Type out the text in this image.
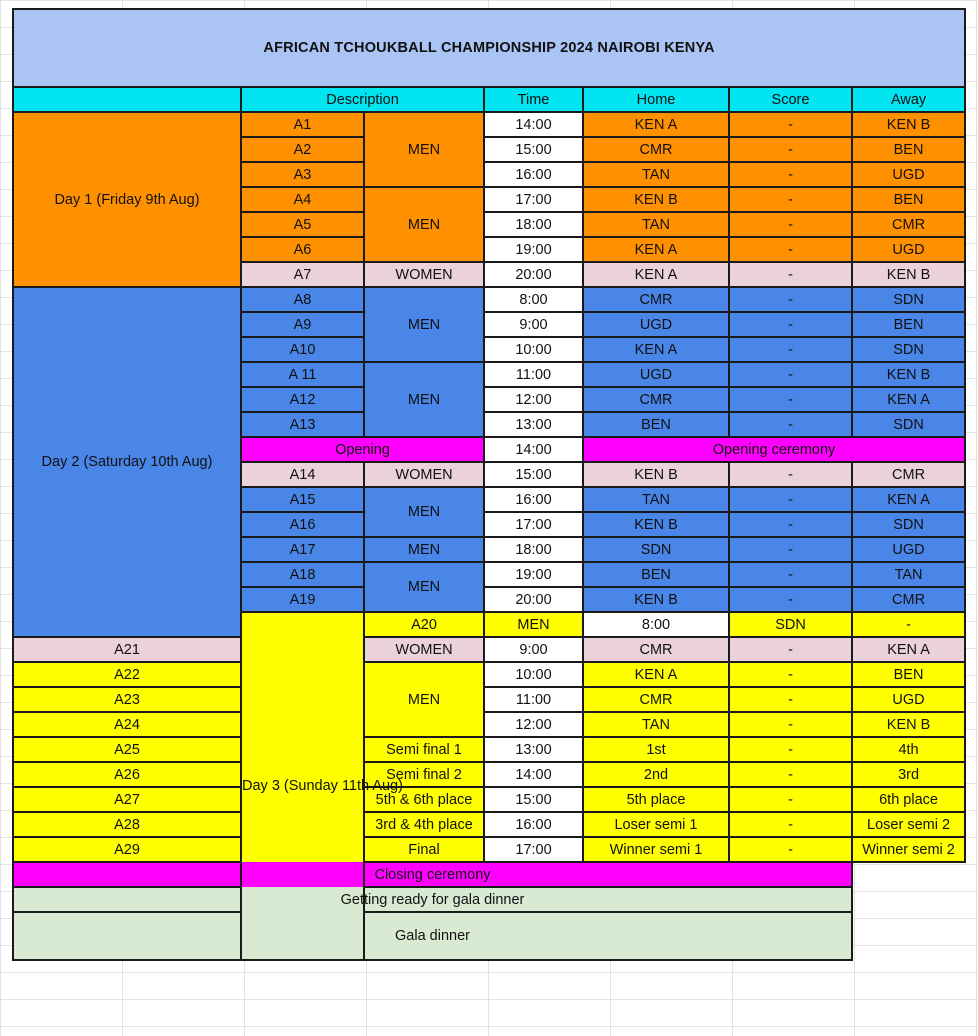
AFRICAN TCHOUKBALL CHAMPIONSHIP 2024 NAIROBI KENYA							
	Description		Time	Home	Score	Away	
Day 1 (Friday 9th Aug)	A1	MEN	14:00	KEN A	-	KEN B	
	A2		15:00	CMR	-	BEN	
	A3		16:00	TAN	-	UGD	
	A4	MEN	17:00	KEN B	-	BEN	
	A5		18:00	TAN	-	CMR	
	A6		19:00	KEN A	-	UGD	
	A7	WOMEN	20:00	KEN A	-	KEN B	
Day 2 (Saturday 10th Aug)	A8	MEN	8:00	CMR	-	SDN	
	A9		9:00	UGD	-	BEN	
	A10		10:00	KEN A	-	SDN	
	A 11	MEN	11:00	UGD	-	KEN B	
	A12		12:00	CMR	-	KEN A	
	A13		13:00	BEN	-	SDN	
	Opening		14:00	Opening ceremony			
	A14	WOMEN	15:00	KEN B	-	CMR	
	A15	MEN	16:00	TAN	-	KEN A	
	A16		17:00	KEN B	-	SDN	
	A17	MEN	18:00	SDN	-	UGD	
	A18	MEN	19:00	BEN	-	TAN	
	A19		20:00	KEN B	-	CMR	
	Day 3 (Sunday 11th Aug)	A20	MEN	8:00	SDN	-	
A21		WOMEN	9:00	CMR	-	KEN A	
A22		MEN	10:00	KEN A	-	BEN	
A23			11:00	CMR	-	UGD	
A24			12:00	TAN	-	KEN B	
A25		Semi final 1	13:00	1st	-	4th	
A26		Semi final 2	14:00	2nd	-	3rd	
A27		5th & 6th place	15:00	5th place	-	6th place	
A28		3rd & 4th place	16:00	Loser semi 1	-	Loser semi 2	
A29		Final	17:00	Winner semi 1	-	Winner semi 2	
Closing ceremony							
Getting ready for gala dinner							
Gala dinner							
